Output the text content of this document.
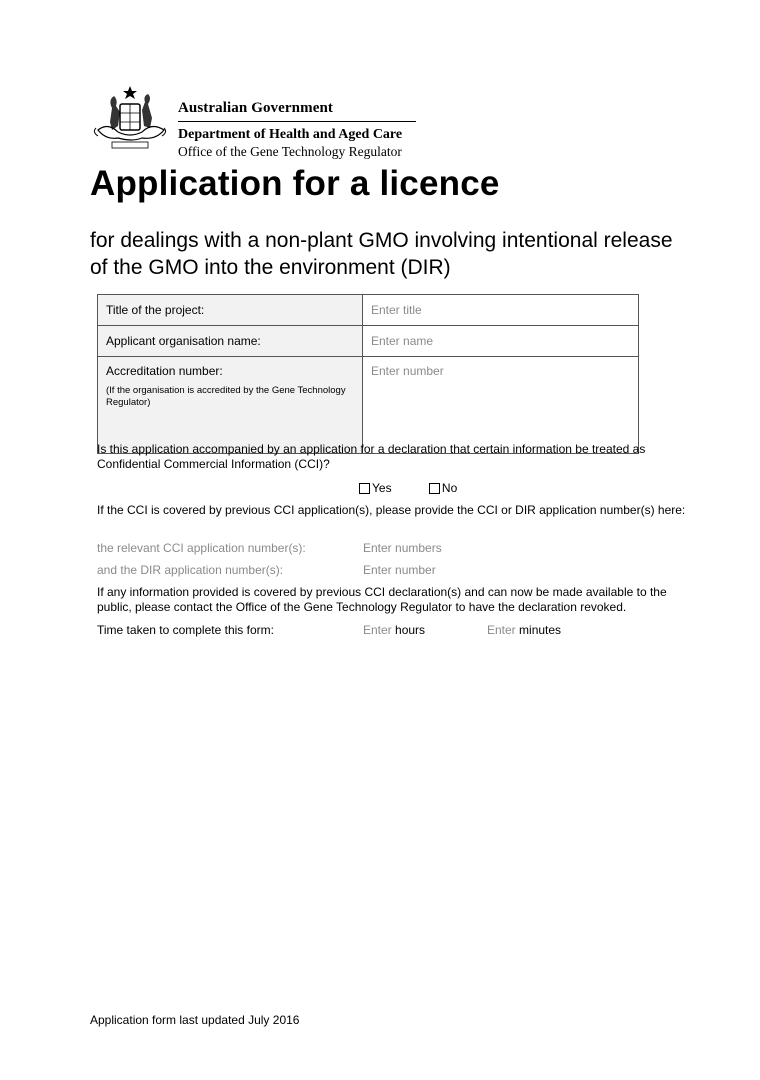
Australian Government
Department of Health and Aged Care
Office of the Gene Technology Regulator
Application for a licence
for dealings with a non-plant GMO involving intentional release of the GMO into the environment (DIR)
Title of the project:	Enter title
Applicant organisation name:	Enter name

Accreditation number:
(If the organisation is accredited by the Gene Technology Regulator)	Enter number
Is this application accompanied by an application for a declaration that certain information be treated as Confidential Commercial Information (CCI)?
Yes
	No
If the CCI is covered by previous CCI application(s), please provide the CCI or DIR application number(s) here:
the relevant CCI application number(s):	Enter numbers
and the DIR application number(s):	Enter number
If any information provided is covered by previous CCI declaration(s) and can now be made available to the public, please contact the Office of the Gene Technology Regulator to have the declaration revoked.
Time taken to complete this form:	Enter hours	Enter minutes
Application form last updated July 2016
